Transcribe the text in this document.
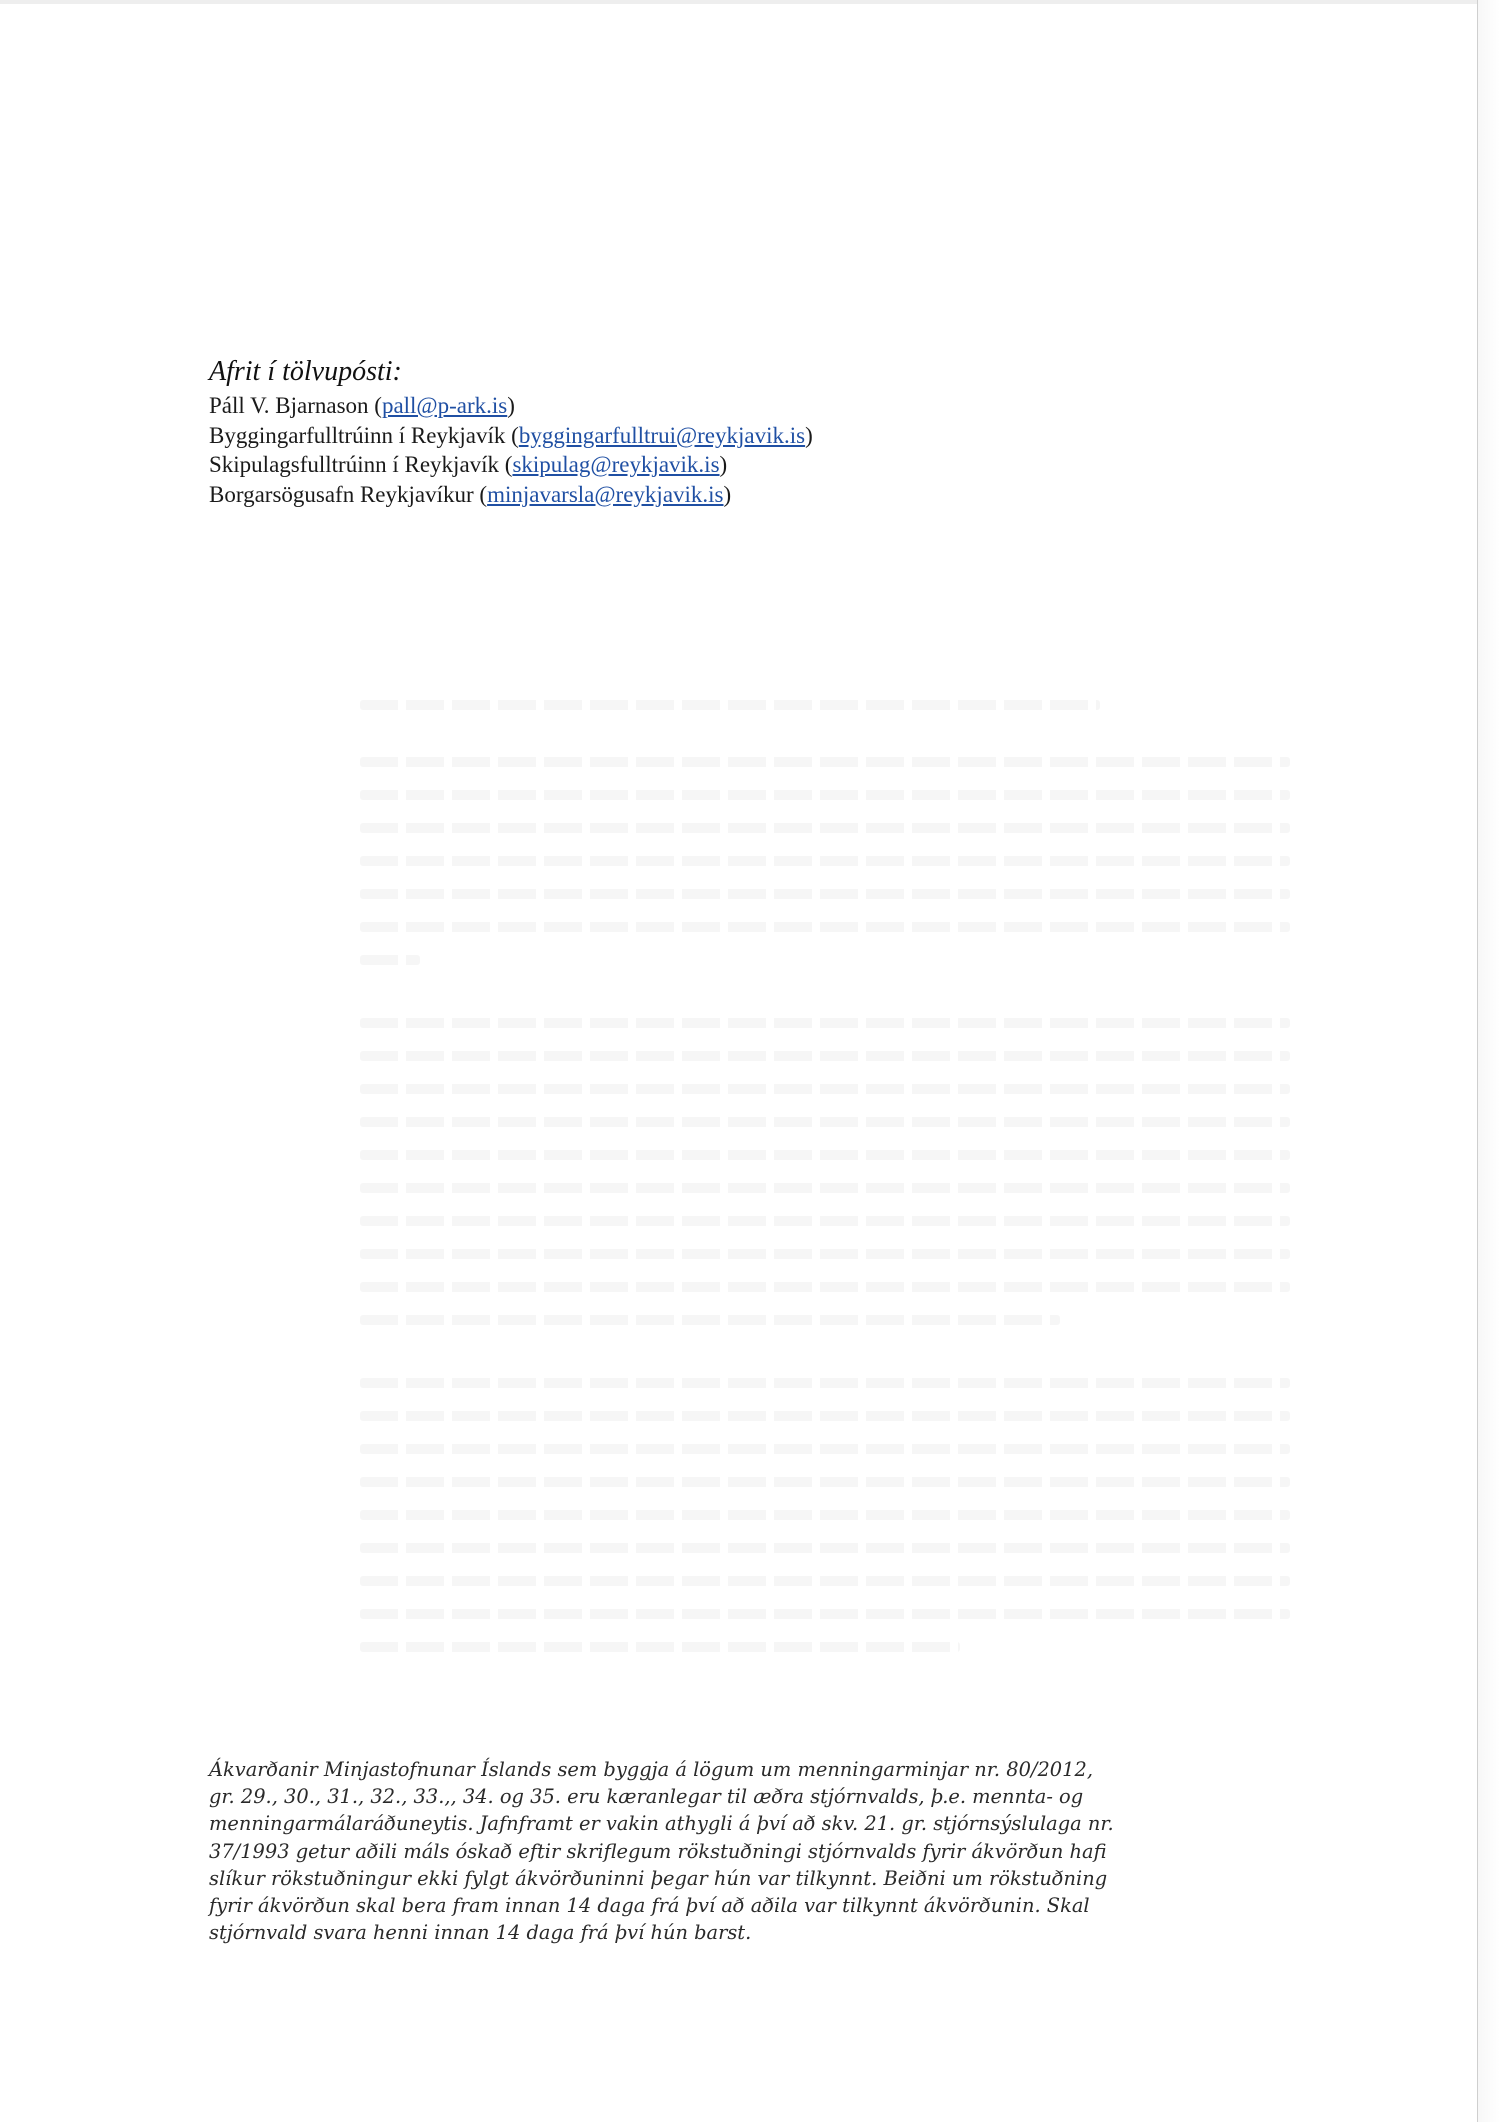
Afrit í tölvupósti:
Páll V. Bjarnason (pall@p-ark.is)
Byggingarfulltrúinn í Reykjavík (byggingarfulltrui@reykjavik.is)
Skipulagsfulltrúinn í Reykjavík (skipulag@reykjavik.is)
Borgarsögusafn Reykjavíkur (minjavarsla@reykjavik.is)

Ákvarðanir Minjastofnunar Íslands sem byggja á lögum um menningarminjar nr. 80/2012,
gr. 29., 30., 31., 32., 33.,, 34. og 35. eru kæranlegar til æðra stjórnvalds, þ.e. mennta- og
menningarmálaráðuneytis. Jafnframt er vakin athygli á því að skv. 21. gr. stjórnsýslulaga nr.
37/1993 getur aðili máls óskað eftir skriflegum rökstuðningi stjórnvalds fyrir ákvörðun hafi
slíkur rökstuðningur ekki fylgt ákvörðuninni þegar hún var tilkynnt. Beiðni um rökstuðning
fyrir ákvörðun skal bera fram innan 14 daga frá því að aðila var tilkynnt ákvörðunin. Skal
stjórnvald svara henni innan 14 daga frá því hún barst.
